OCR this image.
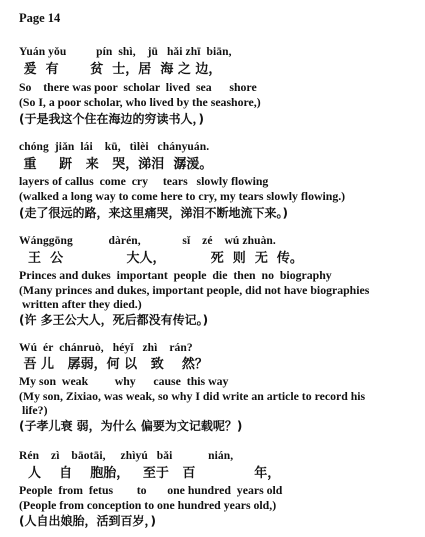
Page 14
Yuán yǒu          pín  shì,    jū   hǎi zhī  biān,
爰  有       贫  士，居  海 之 边，
So    there was poor  scholar  lived  sea      shore
(So I, a poor scholar, who lived by the seashore,)
(于是我这个住在海边的穷读书人，)
chóng  jiǎn  lái    kū,   tìlèi   chányuán.
重     趼   来   哭，涕泪  潺湲。
layers of callus  come  cry     tears   slowly flowing
(walked a long way to come here to cry, my tears slowly flowing.)
(走了很远的路，来这里痛哭，涕泪不断地流下来。)
Wánggōng            dàrén,              sǐ    zé    wú zhuàn.
王  公              大人，          死  则  无  传。
Princes and dukes  important  people  die  then  no  biography
(Many princes and dukes, important people, did not have biographies
written after they died.)
(许 多王公大人，死后都没有传记。)
Wú  ér  chánruò,   héyǐ   zhì    rán?
吾 儿   孱弱，何 以   致    然？
My son  weak         why      cause  this way
(My son, Zixiao, was weak, so why I did write an article to record his
life?)
(子孝儿衰 弱，为什么 偏要为文记载呢？)
Rén    zì    bāotāi,     zhìyú   bǎi            nián,
人    自    胞胎，   至于   百             年，
People  from  fetus        to       one hundred  years old
(People from conception to one hundred years old,)
(人自出娘胎，活到百岁，)
